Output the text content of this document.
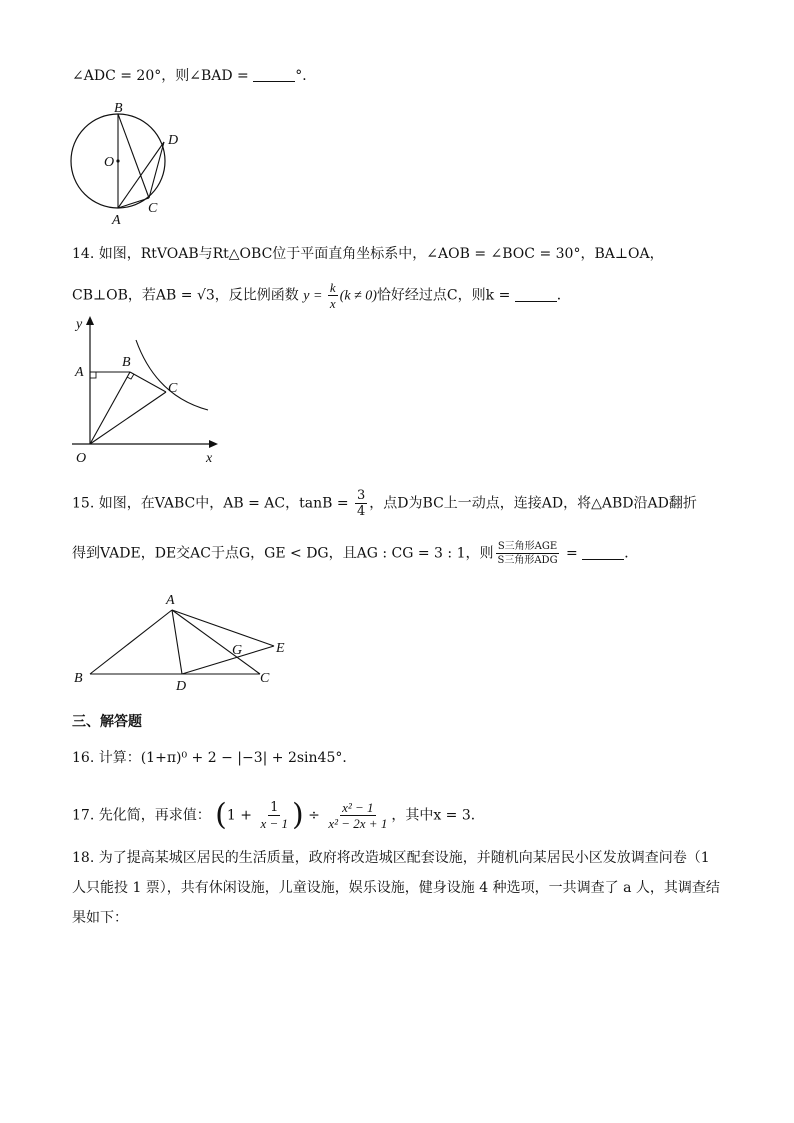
∠ADC = 20°，则∠BAD =	°．
B
O
D
A
C
14. 如图，RtVOAB与Rt△OBC位于平面直角坐标系中，∠AOB = ∠BOC = 30°，BA⊥OA，
CB⊥OB，若AB = √3，反比例函数 $y = \frac{k}{x} (k \ne 0)$恰好经过点C，则k =	．
y
A
B
C
O	x
15. 如图，在VABC中，AB = AC，$\tan B = \frac{3}{4}$ ，点D为BC上一动点，连接AD，将△ABD沿AD翻折
得到VADE，DE交AC于点G，GE < DG，且AG : CG = 3 : 1，则 $\frac{\text{S三角形AGE}}{\text{S三角形ADG}}$ =	．
A
G E
B
D
C
三、解答题
16. 计算：(1+π)⁰ + 2 − |−3| + 2sin45°．
17. 先化简，再求值： ($1 + \frac{1}{x - 1}$ ) ÷ $\frac{\text{x² − 1}}{\text{x² − 2x + 1}}$ ，其中x = 3．
18. 为了提高某城区居民的生活质量，政府将改造城区配套设施，并随机向某居民小区发放调查问卷（1
人只能投 1 票），共有休闲设施，儿童设施，娱乐设施，健身设施 4 种选项，一共调查了 a 人，其调查结
果如下：
